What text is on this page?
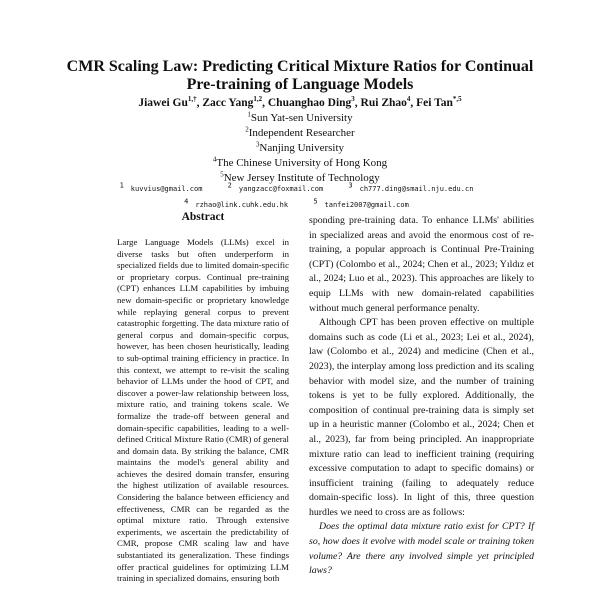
CMR Scaling Law: Predicting Critical Mixture Ratios for Continual Pre-training of Language Models
Jiawei $Gu^{1,\dagger}$, Zacc Yang$^{1,2}$, Chuanghao Ding$^3$, Rui Zhao$^4$, Fei Tan$^{*,5}$
$^1$Sun Yat-sen University
$^2$Independent Researcher
$^3$Nanjing University
$^4$The Chinese University of Hong Kong
$^5$New Jersey Institute of Technology
$^1$ kuvvius@gmail.com	$^2$ yangzacc@foxmail.com	$^3$ ch777.ding@smail.nju.edu.cn
$^4$ rzhao@link.cuhk.edu.hk	$^5$ tanfei2007@gmail.com
Abstract

Large Language Models (LLMs) excel in diverse tasks but often underperform in specialized fields due to limited domain-specific or proprietary corpus. Continual pre-training (CPT) enhances LLM capabilities by imbuing new domain-specific or proprietary knowledge while replaying general corpus to prevent catastrophic forgetting. The data mixture ratio of general corpus and domain-specific corpus, however, has been chosen heuristically, leading to sub-optimal training efficiency in practice. In this context, we attempt to re-visit the scaling behavior of LLMs under the hood of CPT, and discover a power-law relationship between loss, mixture ratio, and training tokens scale. We formalize the trade-off between general and domain-specific capabilities, leading to a well-defined Critical Mixture Ratio (CMR) of general and domain data. By striking the balance, CMR maintains the model's general ability and achieves the desired domain transfer, ensuring the highest utilization of available resources. Considering the balance between efficiency and effectiveness, CMR can be regarded as the optimal mixture ratio. Through extensive experiments, we ascertain the predictability of CMR, propose CMR scaling law and have substantiated its generalization. These findings offer practical guidelines for optimizing LLM training in specialized domains, ensuring both

sponding pre-training data. To enhance LLMs' abilities in specialized areas and avoid the enormous cost of re-training, a popular approach is Continual Pre-Training (CPT) (Colombo et al., 2024; Chen et al., 2023; Yıldız et al., 2024; Luo et al., 2023). This approaches are likely to equip LLMs with new domain-related capabilities without much general performance penalty.

Although CPT has been proven effective on multiple domains such as code (Li et al., 2023; Lei et al., 2024), law (Colombo et al., 2024) and medicine (Chen et al., 2023), the interplay among loss prediction and its scaling behavior with model size, and the number of training tokens is yet to be fully explored. Additionally, the composition of continual pre-training data is simply set up in a heuristic manner (Colombo et al., 2024; Chen et al., 2023), far from being principled. An inappropriate mixture ratio can lead to inefficient training (requiring excessive computation to adapt to specific domains) or insufficient training (failing to adequately reduce domain-specific loss). In light of this, three question hurdles we need to cross are as follows:

Does the optimal data mixture ratio exist for CPT? If so, how does it evolve with model scale or training token volume? Are there any involved simple yet principled laws?
